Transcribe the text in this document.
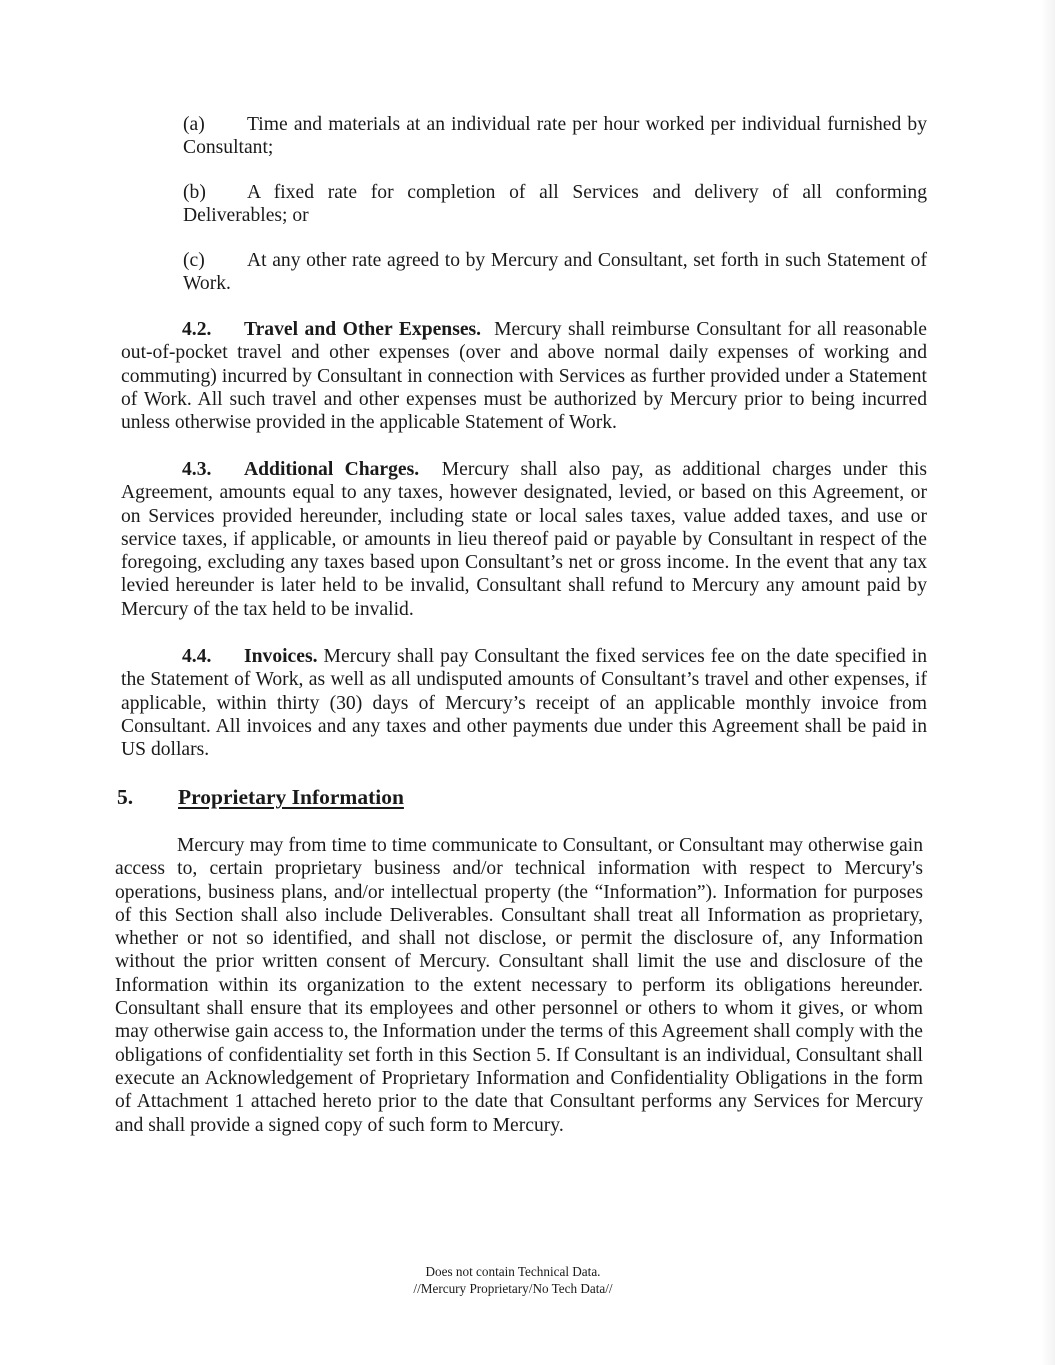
(a) Time and materials at an individual rate per hour worked per individual furnished by Consultant;

(b) A fixed rate for completion of all Services and delivery of all conforming Deliverables; or

(c) At any other rate agreed to by Mercury and Consultant, set forth in such Statement of Work.

4.2. Travel and Other Expenses. Mercury shall reimburse Consultant for all reasonable out-of-pocket travel and other expenses (over and above normal daily expenses of working and commuting) incurred by Consultant in connection with Services as further provided under a Statement of Work. All such travel and other expenses must be authorized by Mercury prior to being incurred unless otherwise provided in the applicable Statement of Work.

4.3. Additional Charges. Mercury shall also pay, as additional charges under this Agreement, amounts equal to any taxes, however designated, levied, or based on this Agreement, or on Services provided hereunder, including state or local sales taxes, value added taxes, and use or service taxes, if applicable, or amounts in lieu thereof paid or payable by Consultant in respect of the foregoing, excluding any taxes based upon Consultant’s net or gross income. In the event that any tax levied hereunder is later held to be invalid, Consultant shall refund to Mercury any amount paid by Mercury of the tax held to be invalid.

4.4. Invoices. Mercury shall pay Consultant the fixed services fee on the date specified in the Statement of Work, as well as all undisputed amounts of Consultant’s travel and other expenses, if applicable, within thirty (30) days of Mercury’s receipt of an applicable monthly invoice from Consultant. All invoices and any taxes and other payments due under this Agreement shall be paid in US dollars.

5. Proprietary Information

Mercury may from time to time communicate to Consultant, or Consultant may otherwise gain access to, certain proprietary business and/or technical information with respect to Mercury's operations, business plans, and/or intellectual property (the “Information”). Information for purposes of this Section shall also include Deliverables. Consultant shall treat all Information as proprietary, whether or not so identified, and shall not disclose, or permit the disclosure of, any Information without the prior written consent of Mercury. Consultant shall limit the use and disclosure of the Information within its organization to the extent necessary to perform its obligations hereunder. Consultant shall ensure that its employees and other personnel or others to whom it gives, or whom may otherwise gain access to, the Information under the terms of this Agreement shall comply with the obligations of confidentiality set forth in this Section 5. If Consultant is an individual, Consultant shall execute an Acknowledgement of Proprietary Information and Confidentiality Obligations in the form of Attachment 1 attached hereto prior to the date that Consultant performs any Services for Mercury and shall provide a signed copy of such form to Mercury.

Does not contain Technical Data.

//Mercury Proprietary/No Tech Data//
